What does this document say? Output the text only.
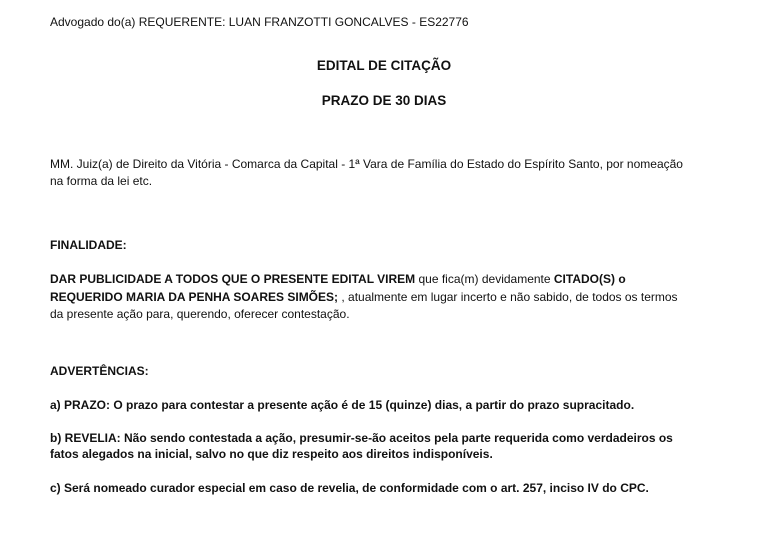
Advogado do(a) REQUERENTE: LUAN FRANZOTTI GONCALVES - ES22776
EDITAL DE CITAÇÃO
PRAZO DE 30 DIAS
MM. Juiz(a) de Direito da Vitória - Comarca da Capital - 1ª Vara de Família do Estado do Espírito Santo, por nomeação
na forma da lei etc.
FINALIDADE:
DAR PUBLICIDADE A TODOS QUE O PRESENTE EDITAL VIREM que fica(m) devidamente CITADO(S) o
REQUERIDO MARIA DA PENHA SOARES SIMÕES; , atualmente em lugar incerto e não sabido, de todos os termos
da presente ação para, querendo, oferecer contestação.
ADVERTÊNCIAS:
a) PRAZO: O prazo para contestar a presente ação é de 15 (quinze) dias, a partir do prazo supracitado.
b) REVELIA: Não sendo contestada a ação, presumir-se-ão aceitos pela parte requerida como verdadeiros os
fatos alegados na inicial, salvo no que diz respeito aos direitos indisponíveis.
c) Será nomeado curador especial em caso de revelia, de conformidade com o art. 257, inciso IV do CPC.
